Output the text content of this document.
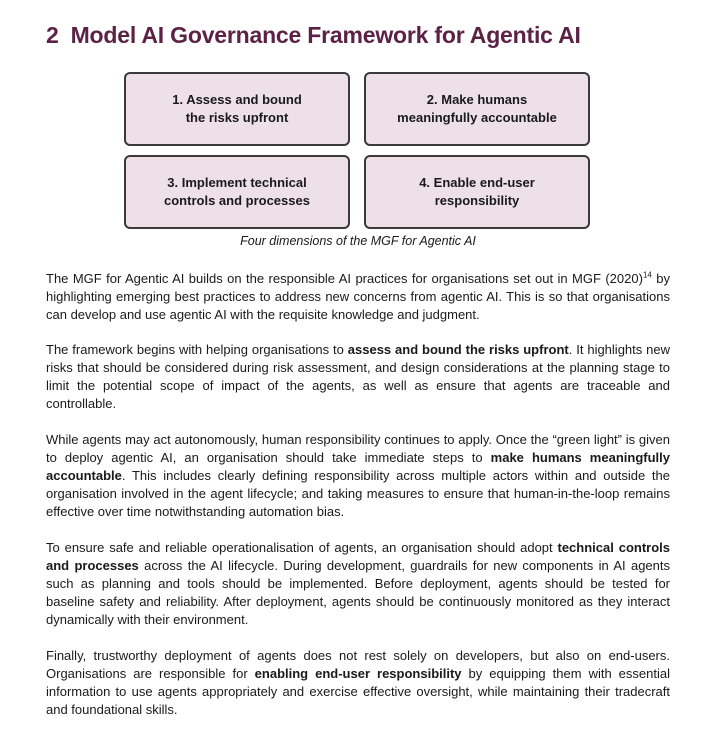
2 Model AI Governance Framework for Agentic AI
1. Assess and bound
the risks upfront
2. Make humans
meaningfully accountable
3. Implement technical
controls and processes
4. Enable end-user
responsibility
Four dimensions of the MGF for Agentic AI

The MGF for Agentic AI builds on the responsible AI practices for organisations set out in MGF $(2020)^{14}$ by highlighting emerging best practices to address new concerns from agentic AI. This is so that organisations can develop and use agentic AI with the requisite knowledge and judgment.

The framework begins with helping organisations to assess and bound the risks upfront. It highlights new risks that should be considered during risk assessment, and design considerations at the planning stage to limit the potential scope of impact of the agents, as well as ensure that agents are traceable and controllable.

While agents may act autonomously, human responsibility continues to apply. Once the “green light” is given to deploy agentic AI, an organisation should take immediate steps to make humans meaningfully accountable. This includes clearly defining responsibility across multiple actors within and outside the organisation involved in the agent lifecycle; and taking measures to ensure that human-in-the-loop remains effective over time notwithstanding automation bias.

To ensure safe and reliable operationalisation of agents, an organisation should adopt technical controls and processes across the AI lifecycle. During development, guardrails for new components in AI agents such as planning and tools should be implemented. Before deployment, agents should be tested for baseline safety and reliability. After deployment, agents should be continuously monitored as they interact dynamically with their environment.

Finally, trustworthy deployment of agents does not rest solely on developers, but also on end-users. Organisations are responsible for enabling end-user responsibility by equipping them with essential information to use agents appropriately and exercise effective oversight, while maintaining their tradecraft and foundational skills.
